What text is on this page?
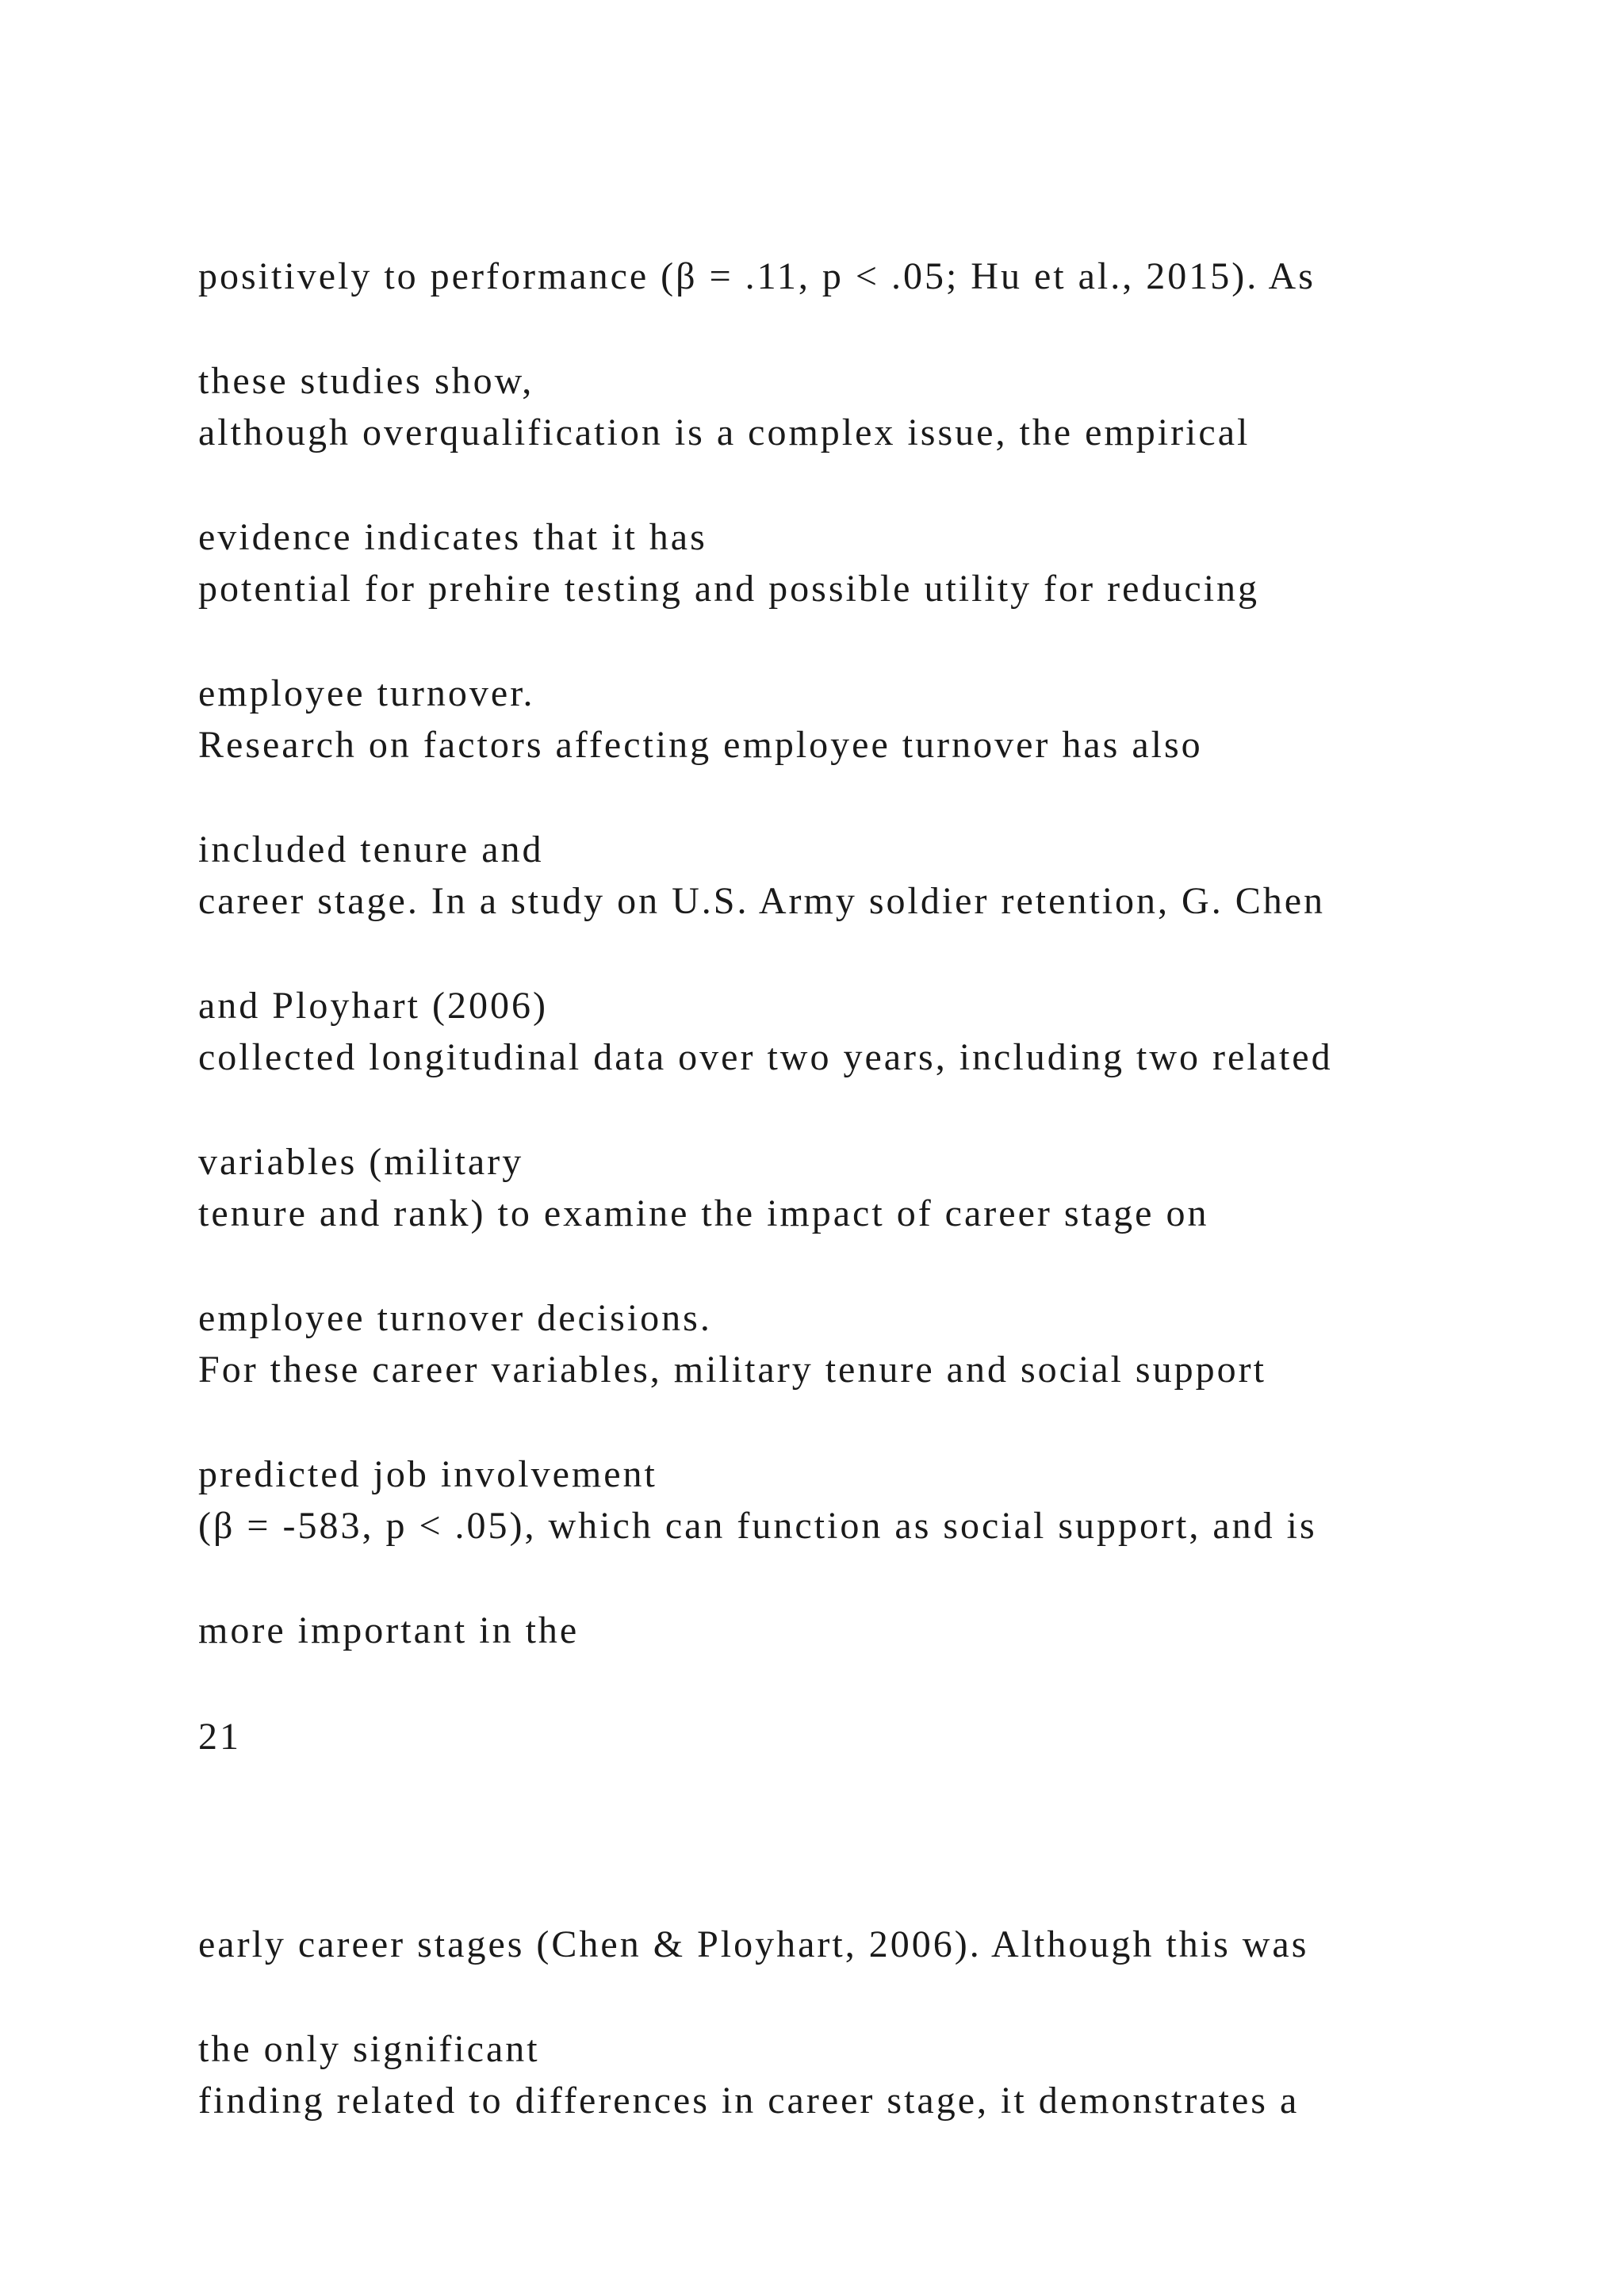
positively to performance (β = .11, p < .05; Hu et al., 2015). As

these studies show,

although overqualification is a complex issue, the empirical

evidence indicates that it has

potential for prehire testing and possible utility for reducing

employee turnover.

Research on factors affecting employee turnover has also

included tenure and

career stage. In a study on U.S. Army soldier retention, G. Chen

and Ployhart (2006)

collected longitudinal data over two years, including two related

variables (military

tenure and rank) to examine the impact of career stage on

employee turnover decisions.

For these career variables, military tenure and social support

predicted job involvement

(β = -583, p < .05), which can function as social support, and is

more important in the

21

early career stages (Chen & Ployhart, 2006). Although this was

the only significant

finding related to differences in career stage, it demonstrates a
